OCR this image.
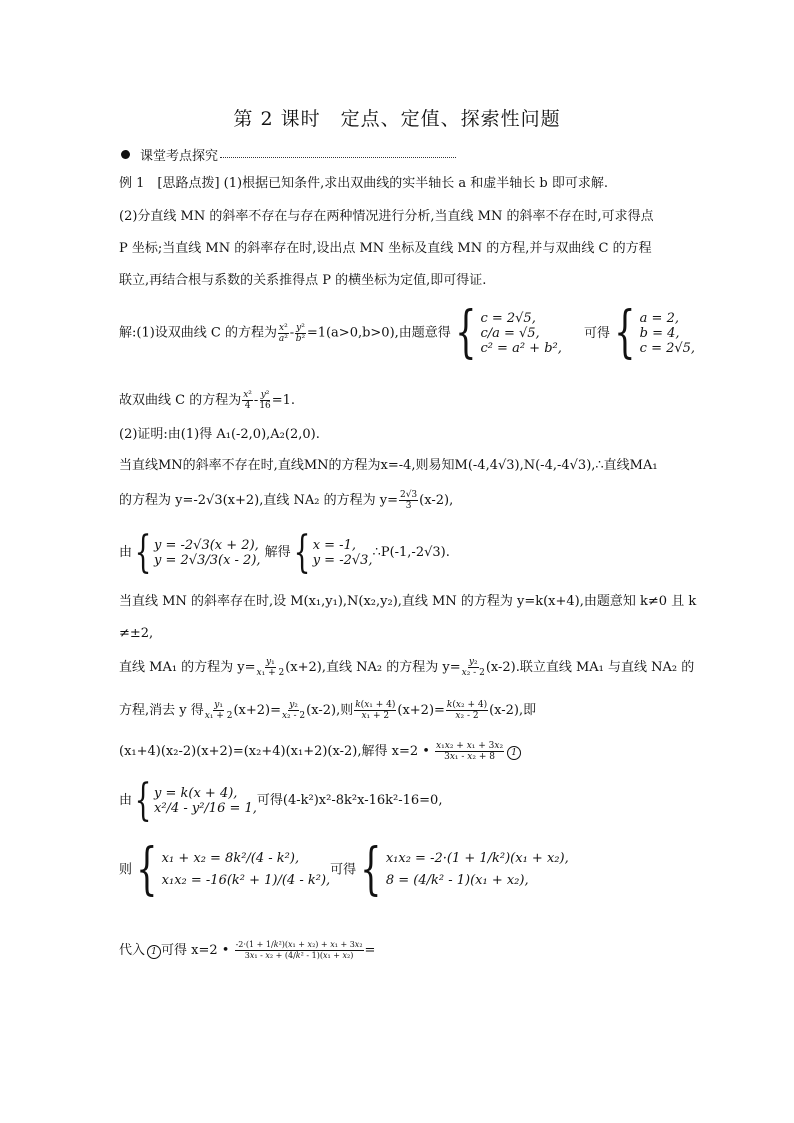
第 2 课时　定点、定值、探索性问题
课堂考点探究
例 1　[思路点拨] (1)根据已知条件,求出双曲线的实半轴长 a 和虚半轴长 b 即可求解.
(2)分直线 MN 的斜率不存在与存在两种情况进行分析,当直线 MN 的斜率不存在时,可求得点
P 坐标;当直线 MN 的斜率存在时,设出点 MN 坐标及直线 MN 的方程,并与双曲线 C 的方程
联立,再结合根与系数的关系推得点 P 的横坐标为定值,即可得证.
解:(1)设双曲线 C 的方程为 $\frac{\text{x²}}{\text{a²}} - \frac{\text{y²}}{\text{b²}} =1(a>0,b>0)$,由题意得 { c = 2√5,
c/a = √5,
c² = a² + b²,
可得 { a = 2,
b = 4,
c = 2√5,
故双曲线 C 的方程为 $\frac{\text{x²}}{4} - \frac{\text{y²}}{16} =1$.
(2)证明:由(1)得 A₁(-2,0),A₂(2,0).
当直线MN的斜率不存在时,直线MN的方程为x=-4,则易知M(-4,4√3),N(-4,-4√3),∴直线MA₁
的方程为 y=-2√3(x+2),直线 NA₂ 的方程为 $y= \frac{2√3}{3} (x-2)$,
由 { y = -2√3(x + 2),
y = 2√3/3(x - 2), 解得 { x = -1,
y = -2√3, ∴P(-1,-2√3).
当直线 MN 的斜率存在时,设 M(x₁,y₁),N(x₂,y₂),直线 MN 的方程为 y=k(x+4),由题意知 k≠0 且 k
≠±2,
直线 MA₁ 的方程为 $y= \frac{\text{y₁}}{\text{x₁ + 2}} (x+2)$,直线 NA₂ 的方程为 $y= \frac{\text{y₂}}{\text{x₂ - 2}} (x-2)$.联立直线 MA₁ 与直线 NA₂ 的
方程,消去 y 得 $\frac{\text{y₁}}{\text{x₁ + 2}} (x+2)= \frac{\text{y₂}}{\text{x₂ - 2}} (x-2)$,则 $\frac{\text{k(x₁ + 4)}}{\text{x₁ + 2}} (x+2)= \frac{\text{k(x₂ + 4)}}{\text{x₂ - 2}} (x-2)$,即
(x₁+4)(x₂-2)(x+2)=(x₂+4)(x₁+2)(x-2),解得 x=2 • $\frac{\text{x₁x₂ + x₁ + 3x₂}}{\text{3x₁ - x₂ + 8}} 1$
由 { y = k(x + 4),
x²/4 - y²/16 = 1, 可得(4-k²)x²-8k²x-16k²-16=0,
则 { x₁ + x₂ = 8k²/(4 - k²),
x₁x₂ = -16(k² + 1)/(4 - k²),
可得 { x₁x₂ = -2·(1 + 1/k²)(x₁ + x₂),
8 = (4/k² - 1)(x₁ + x₂),
代入 1 可得 x=2 • $\frac{\text{-2·(1 + 1/k²)(x₁ + x₂) + x₁ + 3x₂}}{\text{3x₁ - x₂ + (4/k² - 1)(x₁ + x₂)}}$ =
